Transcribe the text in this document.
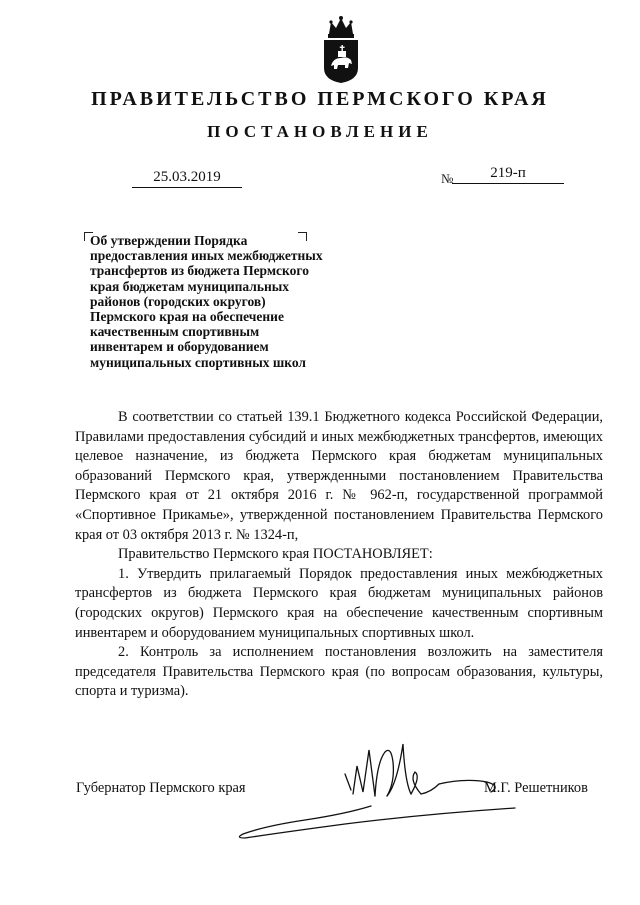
ПРАВИТЕЛЬСТВО ПЕРМСКОГО КРАЯ
ПОСТАНОВЛЕНИЕ
25.03.2019	№	219-п
Об утверждении Порядка
предоставления иных межбюджетных
трансфертов из бюджета Пермского
края бюджетам муниципальных
районов (городских округов)
Пермского края на обеспечение
качественным спортивным
инвентарем и оборудованием
муниципальных спортивных школ

В соответствии со статьей 139.1 Бюджетного кодекса Российской Федерации, Правилами предоставления субсидий и иных межбюджетных трансфертов, имеющих целевое назначение, из бюджета Пермского края бюджетам муниципальных образований Пермского края, утвержденными постановлением Правительства Пермского края от 21 октября 2016 г. № 962-п, государственной программой «Спортивное Прикамье», утвержденной постановлением Правительства Пермского края от 03 октября 2013 г. № 1324-п,

Правительство Пермского края ПОСТАНОВЛЯЕТ:

1. Утвердить прилагаемый Порядок предоставления иных межбюджетных трансфертов из бюджета Пермского края бюджетам муниципальных районов (городских округов) Пермского края на обеспечение качественным спортивным инвентарем и оборудованием муниципальных спортивных школ.

2. Контроль за исполнением постановления возложить на заместителя председателя Правительства Пермского края (по вопросам образования, культуры, спорта и туризма).

Губернатор Пермского края	М.Г. Решетников
